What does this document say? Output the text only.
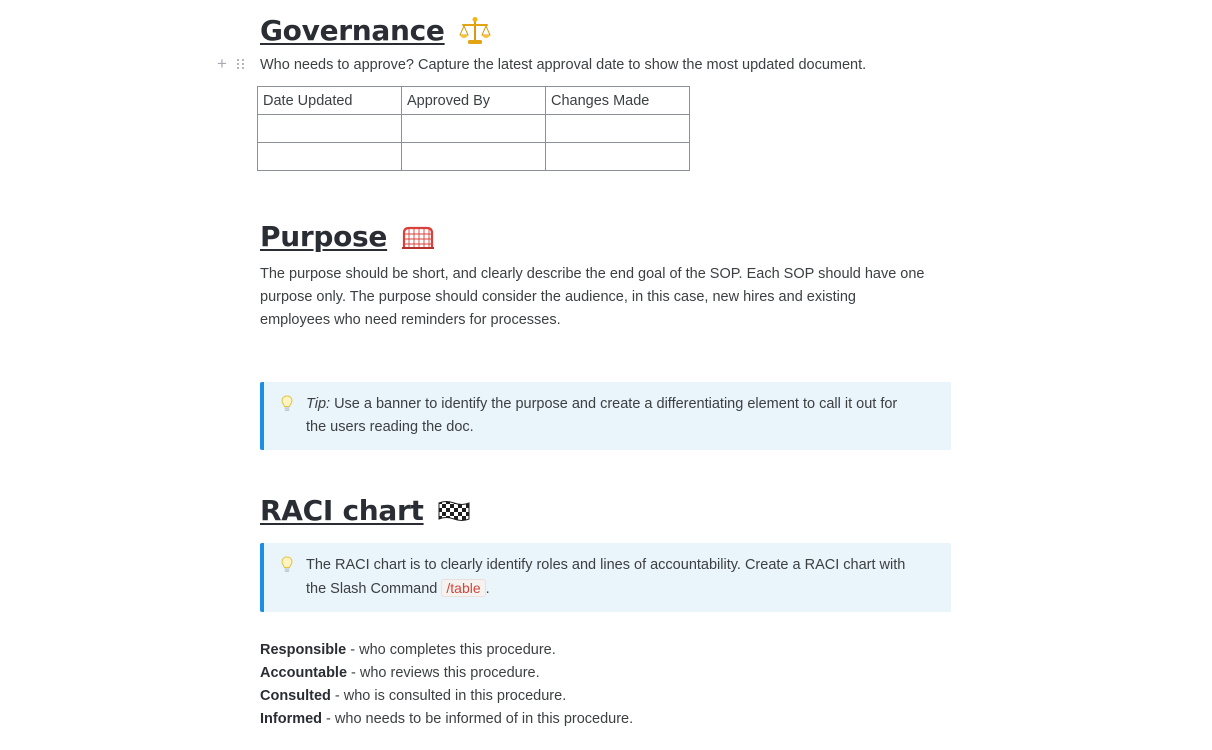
Governance
+ Who needs to approve? Capture the latest approval date to show the most updated document.

Date Updated	Approved By	Changes Made

Purpose

The purpose should be short, and clearly describe the end goal of the SOP. Each SOP should have one
purpose only. The purpose should consider the audience, in this case, new hires and existing
employees who need reminders for processes.

Tip: Use a banner to identify the purpose and create a differentiating element to call it out for
the users reading the doc.
RACI chart
The RACI chart is to clearly identify roles and lines of accountability. Create a RACI chart with
the Slash Command /table .
Responsible - who completes this procedure.
Accountable - who reviews this procedure.
Consulted - who is consulted in this procedure.
Informed - who needs to be informed of in this procedure.
